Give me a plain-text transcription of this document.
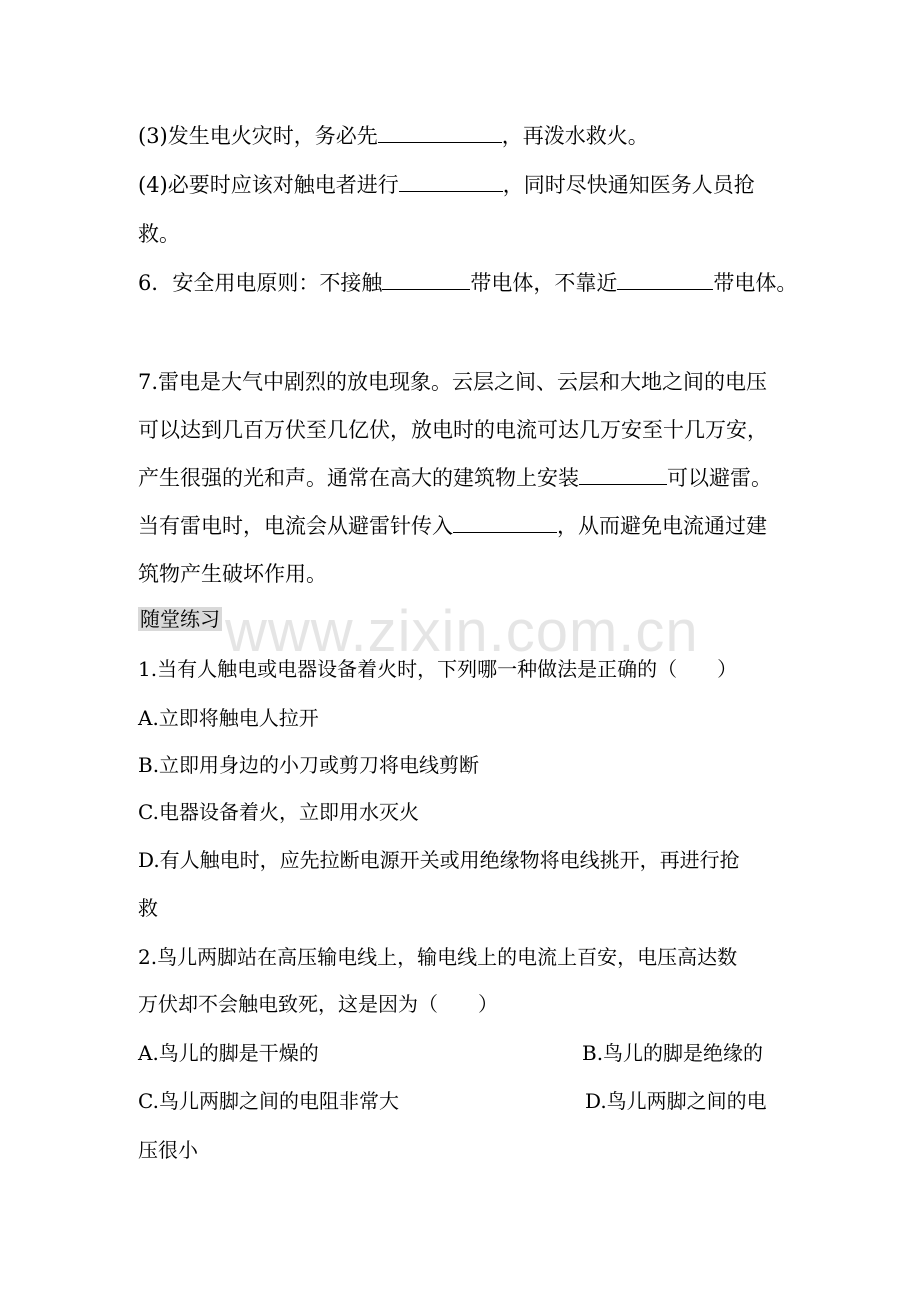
www.zixin.com.cn
(3)发生电火灾时，务必先	，再泼水救火。
(4)必要时应该对触电者进行	，同时尽快通知医务人员抢
救。
6．安全用电原则：不接触	带电体，不靠近	带电体。
7.雷电是大气中剧烈的放电现象。云层之间、云层和大地之间的电压
可以达到几百万伏至几亿伏，放电时的电流可达几万安至十几万安，
产生很强的光和声。通常在高大的建筑物上安装	可以避雷。
当有雷电时，电流会从避雷针传入	，从而避免电流通过建
筑物产生破坏作用。
随堂练习
1.当有人触电或电器设备着火时，下列哪一种做法是正确的（　　）
A.立即将触电人拉开
B.立即用身边的小刀或剪刀将电线剪断
C.电器设备着火，立即用水灭火
D.有人触电时，应先拉断电源开关或用绝缘物将电线挑开，再进行抢
救
2.鸟儿两脚站在高压输电线上，输电线上的电流上百安，电压高达数
万伏却不会触电致死，这是因为（　　）
A.鸟儿的脚是干燥的	B.鸟儿的脚是绝缘的
C.鸟儿两脚之间的电阻非常大	D.鸟儿两脚之间的电
压很小
